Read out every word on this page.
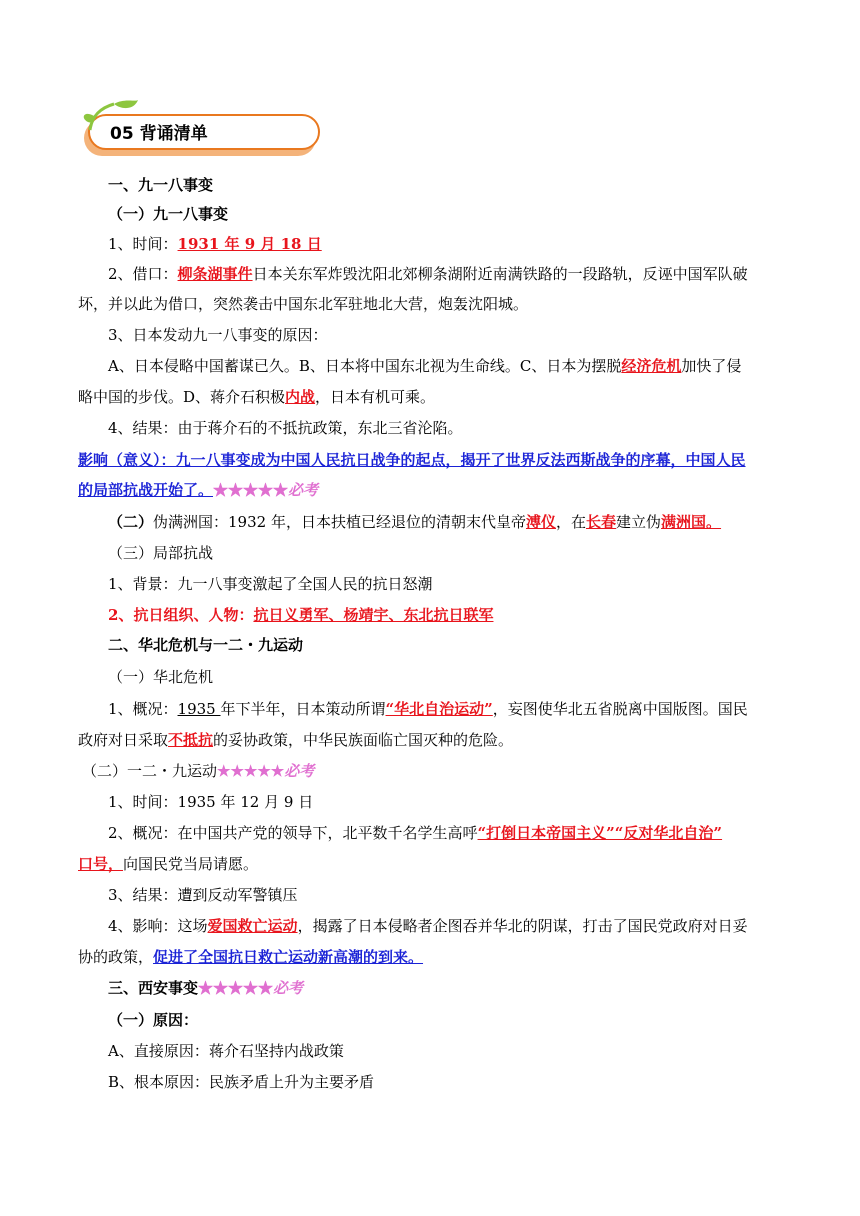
05 背诵清单
一、九一八事变
（一）九一八事变
1、时间：1931 年 9 月 18 日
2、借口：柳条湖事件日本关东军炸毁沈阳北郊柳条湖附近南满铁路的一段路轨，反诬中国军队破
坏，并以此为借口，突然袭击中国东北军驻地北大营，炮轰沈阳城。
3、日本发动九一八事变的原因：
A、日本侵略中国蓄谋已久。B、日本将中国东北视为生命线。C、日本为摆脱经济危机加快了侵
略中国的步伐。D、蒋介石积极内战，日本有机可乘。
4、结果：由于蒋介石的不抵抗政策，东北三省沦陷。
影响（意义）：九一八事变成为中国人民抗日战争的起点，揭开了世界反法西斯战争的序幕，中国人民
的局部抗战开始了。★★★★★必考
（二）伪满洲国：1932 年，日本扶植已经退位的清朝末代皇帝溥仪，在长春建立伪满洲国。
（三）局部抗战
1、背景：九一八事变激起了全国人民的抗日怒潮
2、抗日组织、人物：抗日义勇军、杨靖宇、东北抗日联军
二、华北危机与一二・九运动
（一）华北危机
1、概况：1935 年下半年，日本策动所谓“华北自治运动”，妄图使华北五省脱离中国版图。国民
政府对日采取不抵抗的妥协政策，中华民族面临亡国灭种的危险。
（二）一二・九运动★★★★★必考
1、时间：1935 年 12 月 9 日
2、概况：在中国共产党的领导下，北平数千名学生高呼“打倒日本帝国主义”“反对华北自治”
口号，向国民党当局请愿。
3、结果：遭到反动军警镇压
4、影响：这场爱国救亡运动，揭露了日本侵略者企图吞并华北的阴谋，打击了国民党政府对日妥
协的政策，促进了全国抗日救亡运动新高潮的到来。
三、西安事变★★★★★必考
（一）原因：
A、直接原因：蒋介石坚持内战政策
B、根本原因：民族矛盾上升为主要矛盾
